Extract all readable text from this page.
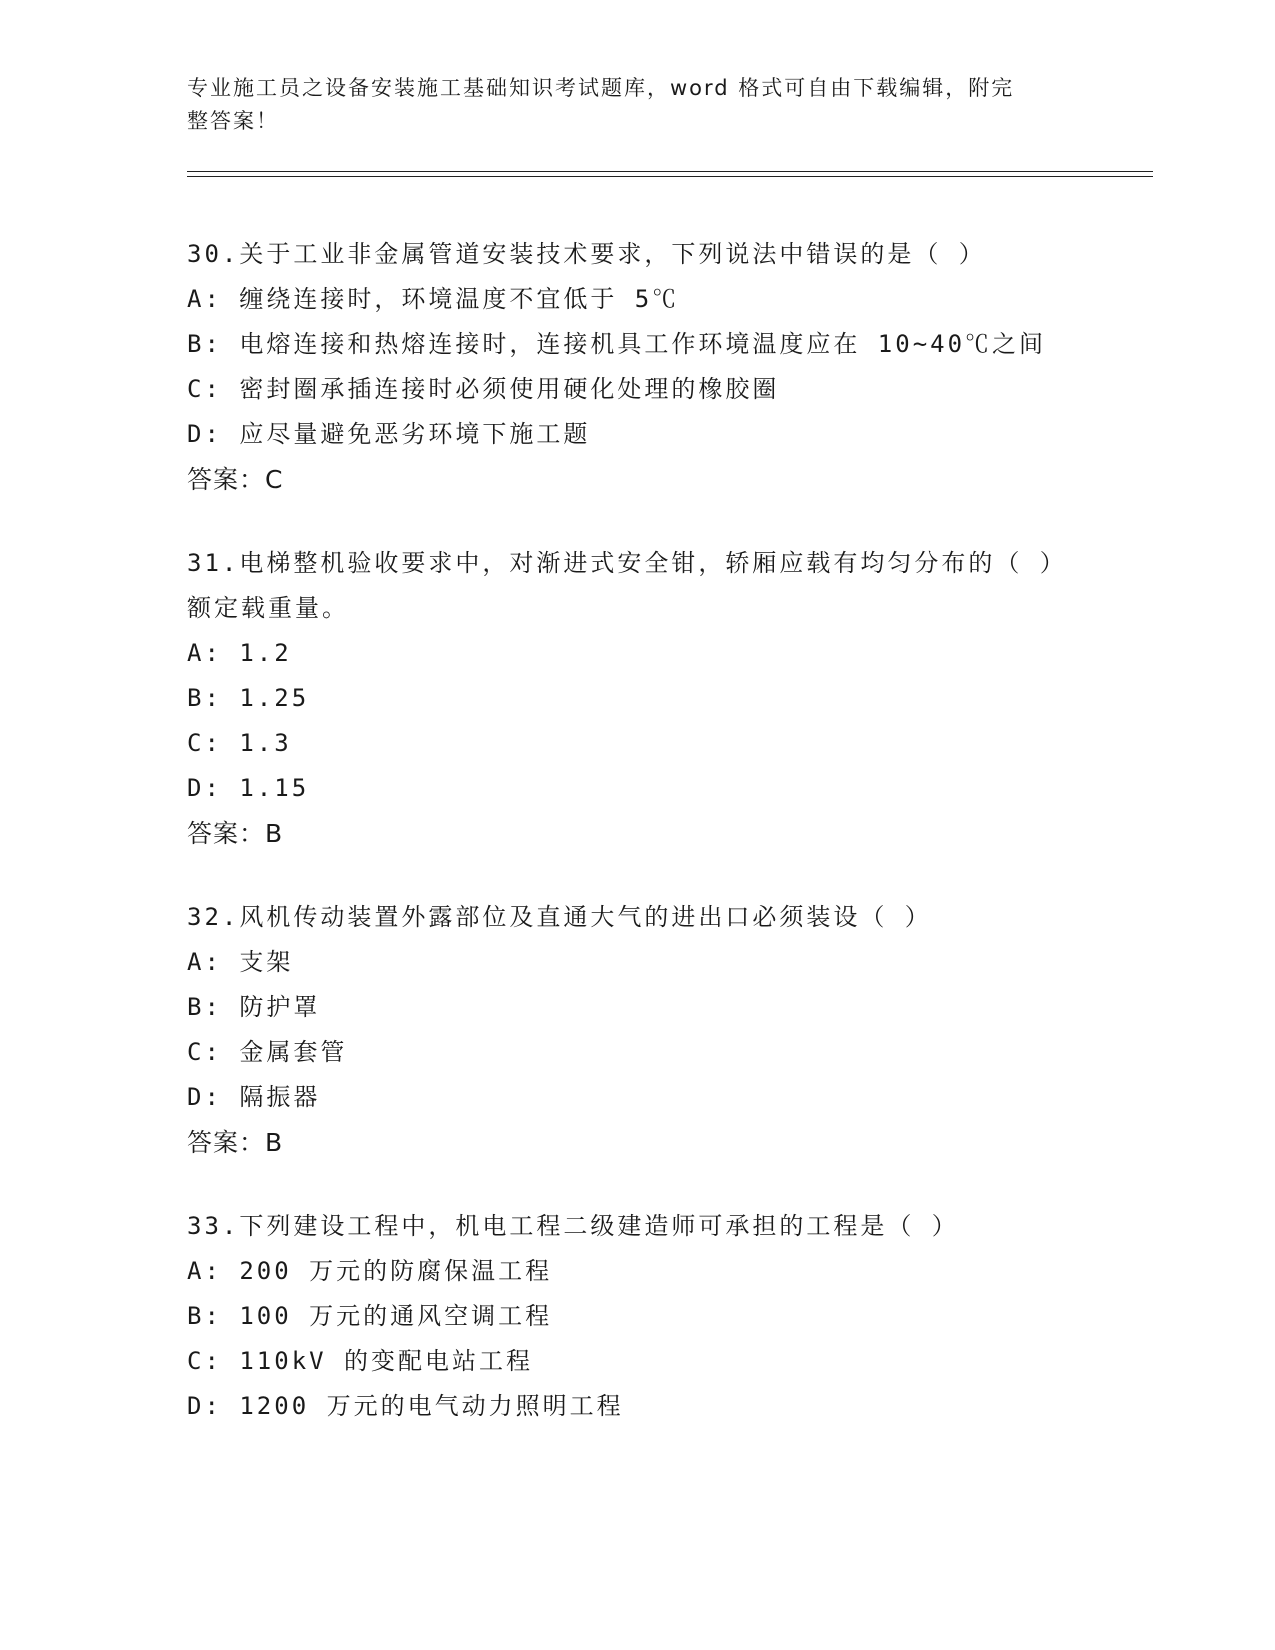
专业施工员之设备安装施工基础知识考试题库，word 格式可自由下载编辑，附完
整答案！

30.关于工业非金属管道安装技术要求，下列说法中错误的是（ ）

A: 缠绕连接时，环境温度不宜低于 5℃

B: 电熔连接和热熔连接时，连接机具工作环境温度应在 10~40℃之间

C: 密封圈承插连接时必须使用硬化处理的橡胶圈

D: 应尽量避免恶劣环境下施工题

答案：C

31.电梯整机验收要求中，对渐进式安全钳，轿厢应载有均匀分布的（ ）额定载重量。

A: 1.2

B: 1.25

C: 1.3

D: 1.15

答案：B

32.风机传动装置外露部位及直通大气的进出口必须装设（ ）

A: 支架

B: 防护罩

C: 金属套管

D: 隔振器

答案：B

33.下列建设工程中，机电工程二级建造师可承担的工程是（ ）

A: 200 万元的防腐保温工程

B: 100 万元的通风空调工程

C: 110kV 的变配电站工程

D: 1200 万元的电气动力照明工程
